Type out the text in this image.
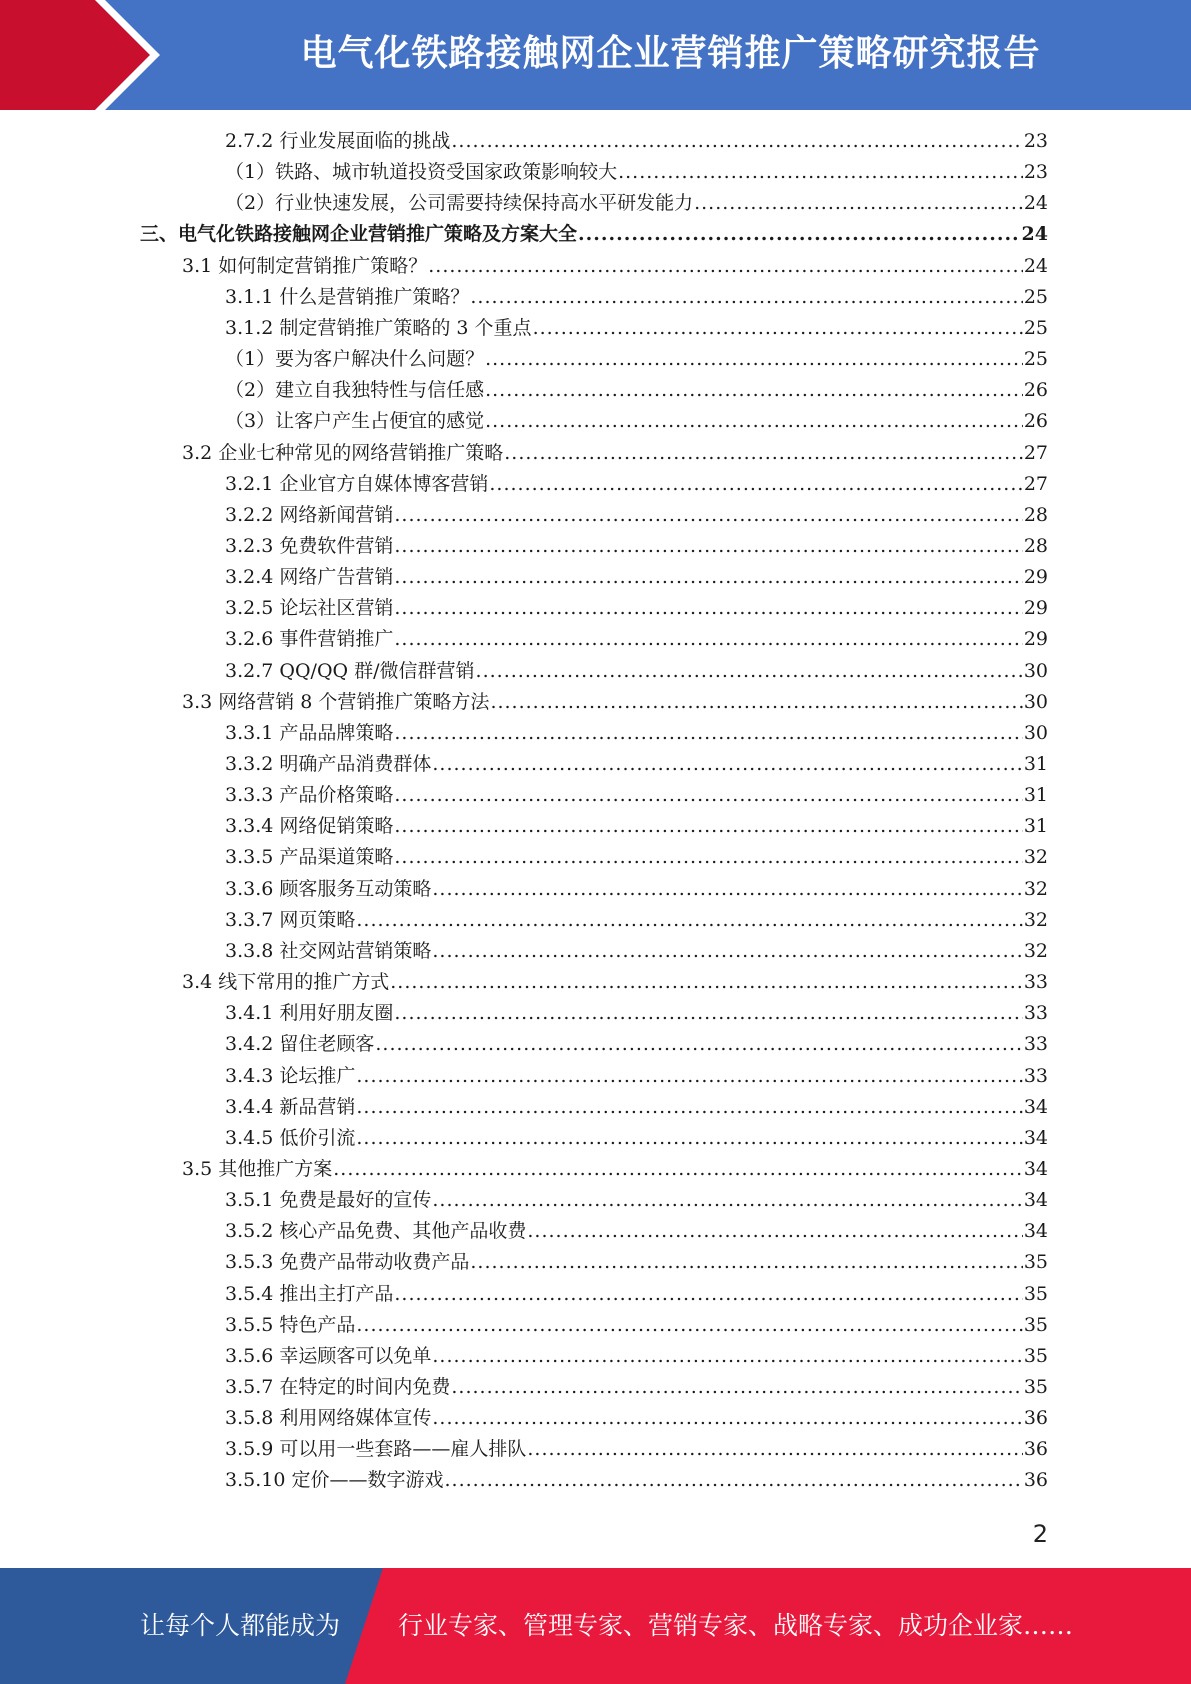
电气化铁路接触网企业营销推广策略研究报告
2.7.2 行业发展面临的挑战 .....	23
（1）铁路、城市轨道投资受国家政策影响较大 .....	23
（2）行业快速发展，公司需要持续保持高水平研发能力 .....	24
三、电气化铁路接触网企业营销推广策略及方案大全 .....	24
3.1 如何制定营销推广策略？ .....	24
3.1.1 什么是营销推广策略？ .....	25
3.1.2 制定营销推广策略的 3 个重点 .....	25
（1）要为客户解决什么问题？ .....	25
（2）建立自我独特性与信任感 .....	26
（3）让客户产生占便宜的感觉 .....	26
3.2 企业七种常见的网络营销推广策略 .....	27
3.2.1 企业官方自媒体博客营销 .....	27
3.2.2 网络新闻营销 .....	28
3.2.3 免费软件营销 .....	28
3.2.4 网络广告营销 .....	29
3.2.5 论坛社区营销 .....	29
3.2.6 事件营销推广 .....	29
3.2.7 QQ/QQ 群/微信群营销 .....	30
3.3 网络营销 8 个营销推广策略方法 .....	30
3.3.1 产品品牌策略 .....	30
3.3.2 明确产品消费群体 .....	31
3.3.3 产品价格策略 .....	31
3.3.4 网络促销策略 .....	31
3.3.5 产品渠道策略 .....	32
3.3.6 顾客服务互动策略 .....	32
3.3.7 网页策略 .....	32
3.3.8 社交网站营销策略 .....	32
3.4 线下常用的推广方式 .....	33
3.4.1 利用好朋友圈 .....	33
3.4.2 留住老顾客 .....	33
3.4.3 论坛推广 .....	33
3.4.4 新品营销 .....	34
3.4.5 低价引流 .....	34
3.5 其他推广方案 .....	34
3.5.1 免费是最好的宣传 .....	34
3.5.2 核心产品免费、其他产品收费 .....	34
3.5.3 免费产品带动收费产品 .....	35
3.5.4 推出主打产品 .....	35
3.5.5 特色产品 .....	35
3.5.6 幸运顾客可以免单 .....	35
3.5.7 在特定的时间内免费 .....	35
3.5.8 利用网络媒体宣传 .....	36
3.5.9 可以用一些套路——雇人排队 .....	36
3.5.10 定价——数字游戏 .....	36
2
让每个人都能成为 行业专家、管理专家、营销专家、战略专家、成功企业家……
